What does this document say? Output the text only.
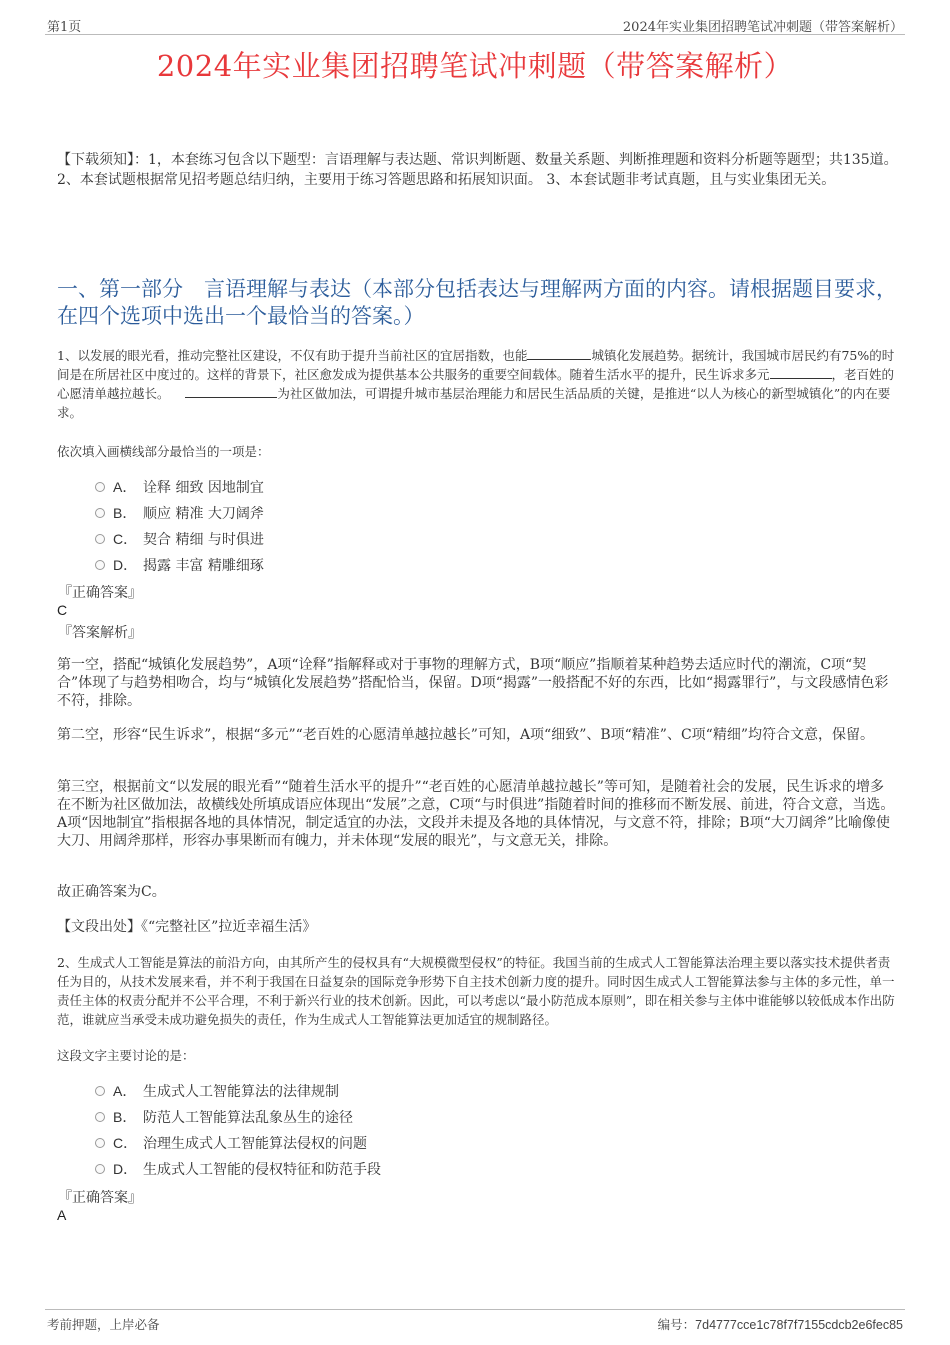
第1页	2024年实业集团招聘笔试冲刺题（带答案解析）
2024年实业集团招聘笔试冲刺题（带答案解析）
【下载须知】：1，本套练习包含以下题型：言语理解与表达题、常识判断题、数量关系题、判断推理题和资料分析题等题型；共135道。 2、本套试题根据常见招考题总结归纳，主要用于练习答题思路和拓展知识面。 3、本套试题非考试真题，且与实业集团无关。
一、第一部分　言语理解与表达（本部分包括表达与理解两方面的内容。请根据题目要求，在四个选项中选出一个最恰当的答案。）
1、以发展的眼光看，推动完整社区建设，不仅有助于提升当前社区的宜居指数，也能	城镇化发展趋势。据统计，我国城市居民约有75%的时间是在所居社区中度过的。这样的背景下，社区愈发成为提供基本公共服务的重要空间载体。随着生活水平的提升，民生诉求多元	，老百姓的心愿清单越拉越长。	为社区做加法，可谓提升城市基层治理能力和居民生活品质的关键，是推进“以人为核心的新型城镇化”的内在要求。
依次填入画横线部分最恰当的一项是：
A． 诠释 细致 因地制宜
B． 顺应 精准 大刀阔斧
C． 契合 精细 与时俱进
D． 揭露 丰富 精雕细琢
『正确答案』
C
『答案解析』
第一空，搭配“城镇化发展趋势”，A项“诠释”指解释或对于事物的理解方式，B项“顺应”指顺着某种趋势去适应时代的潮流，C项“契合”体现了与趋势相吻合，均与“城镇化发展趋势”搭配恰当，保留。D项“揭露”一般搭配不好的东西，比如“揭露罪行”，与文段感情色彩不符，排除。
第二空，形容“民生诉求”，根据“多元”“老百姓的心愿清单越拉越长”可知，A项“细致”、B项“精准”、C项“精细”均符合文意，保留。
第三空，根据前文“以发展的眼光看”“随着生活水平的提升”“老百姓的心愿清单越拉越长”等可知，是随着社会的发展，民生诉求的增多在不断为社区做加法，故横线处所填成语应体现出“发展”之意，C项“与时俱进”指随着时间的推移而不断发展、前进，符合文意，当选。A项“因地制宜”指根据各地的具体情况，制定适宜的办法，文段并未提及各地的具体情况，与文意不符，排除；B项“大刀阔斧”比喻像使大刀、用阔斧那样，形容办事果断而有魄力，并未体现“发展的眼光”，与文意无关，排除。
故正确答案为C。
【文段出处】《“完整社区”拉近幸福生活》
2、生成式人工智能是算法的前沿方向，由其所产生的侵权具有“大规模微型侵权”的特征。我国当前的生成式人工智能算法治理主要以落实技术提供者责任为目的，从技术发展来看，并不利于我国在日益复杂的国际竞争形势下自主技术创新力度的提升。同时因生成式人工智能算法参与主体的多元性，单一责任主体的权责分配并不公平合理，不利于新兴行业的技术创新。因此，可以考虑以“最小防范成本原则”，即在相关参与主体中谁能够以较低成本作出防范，谁就应当承受未成功避免损失的责任，作为生成式人工智能算法更加适宜的规制路径。
这段文字主要讨论的是：
A． 生成式人工智能算法的法律规制
B． 防范人工智能算法乱象丛生的途径
C． 治理生成式人工智能算法侵权的问题
D． 生成式人工智能的侵权特征和防范手段
『正确答案』
A
考前押题，上岸必备	编号：7d4777cce1c78f7f7155cdcb2e6fec85
